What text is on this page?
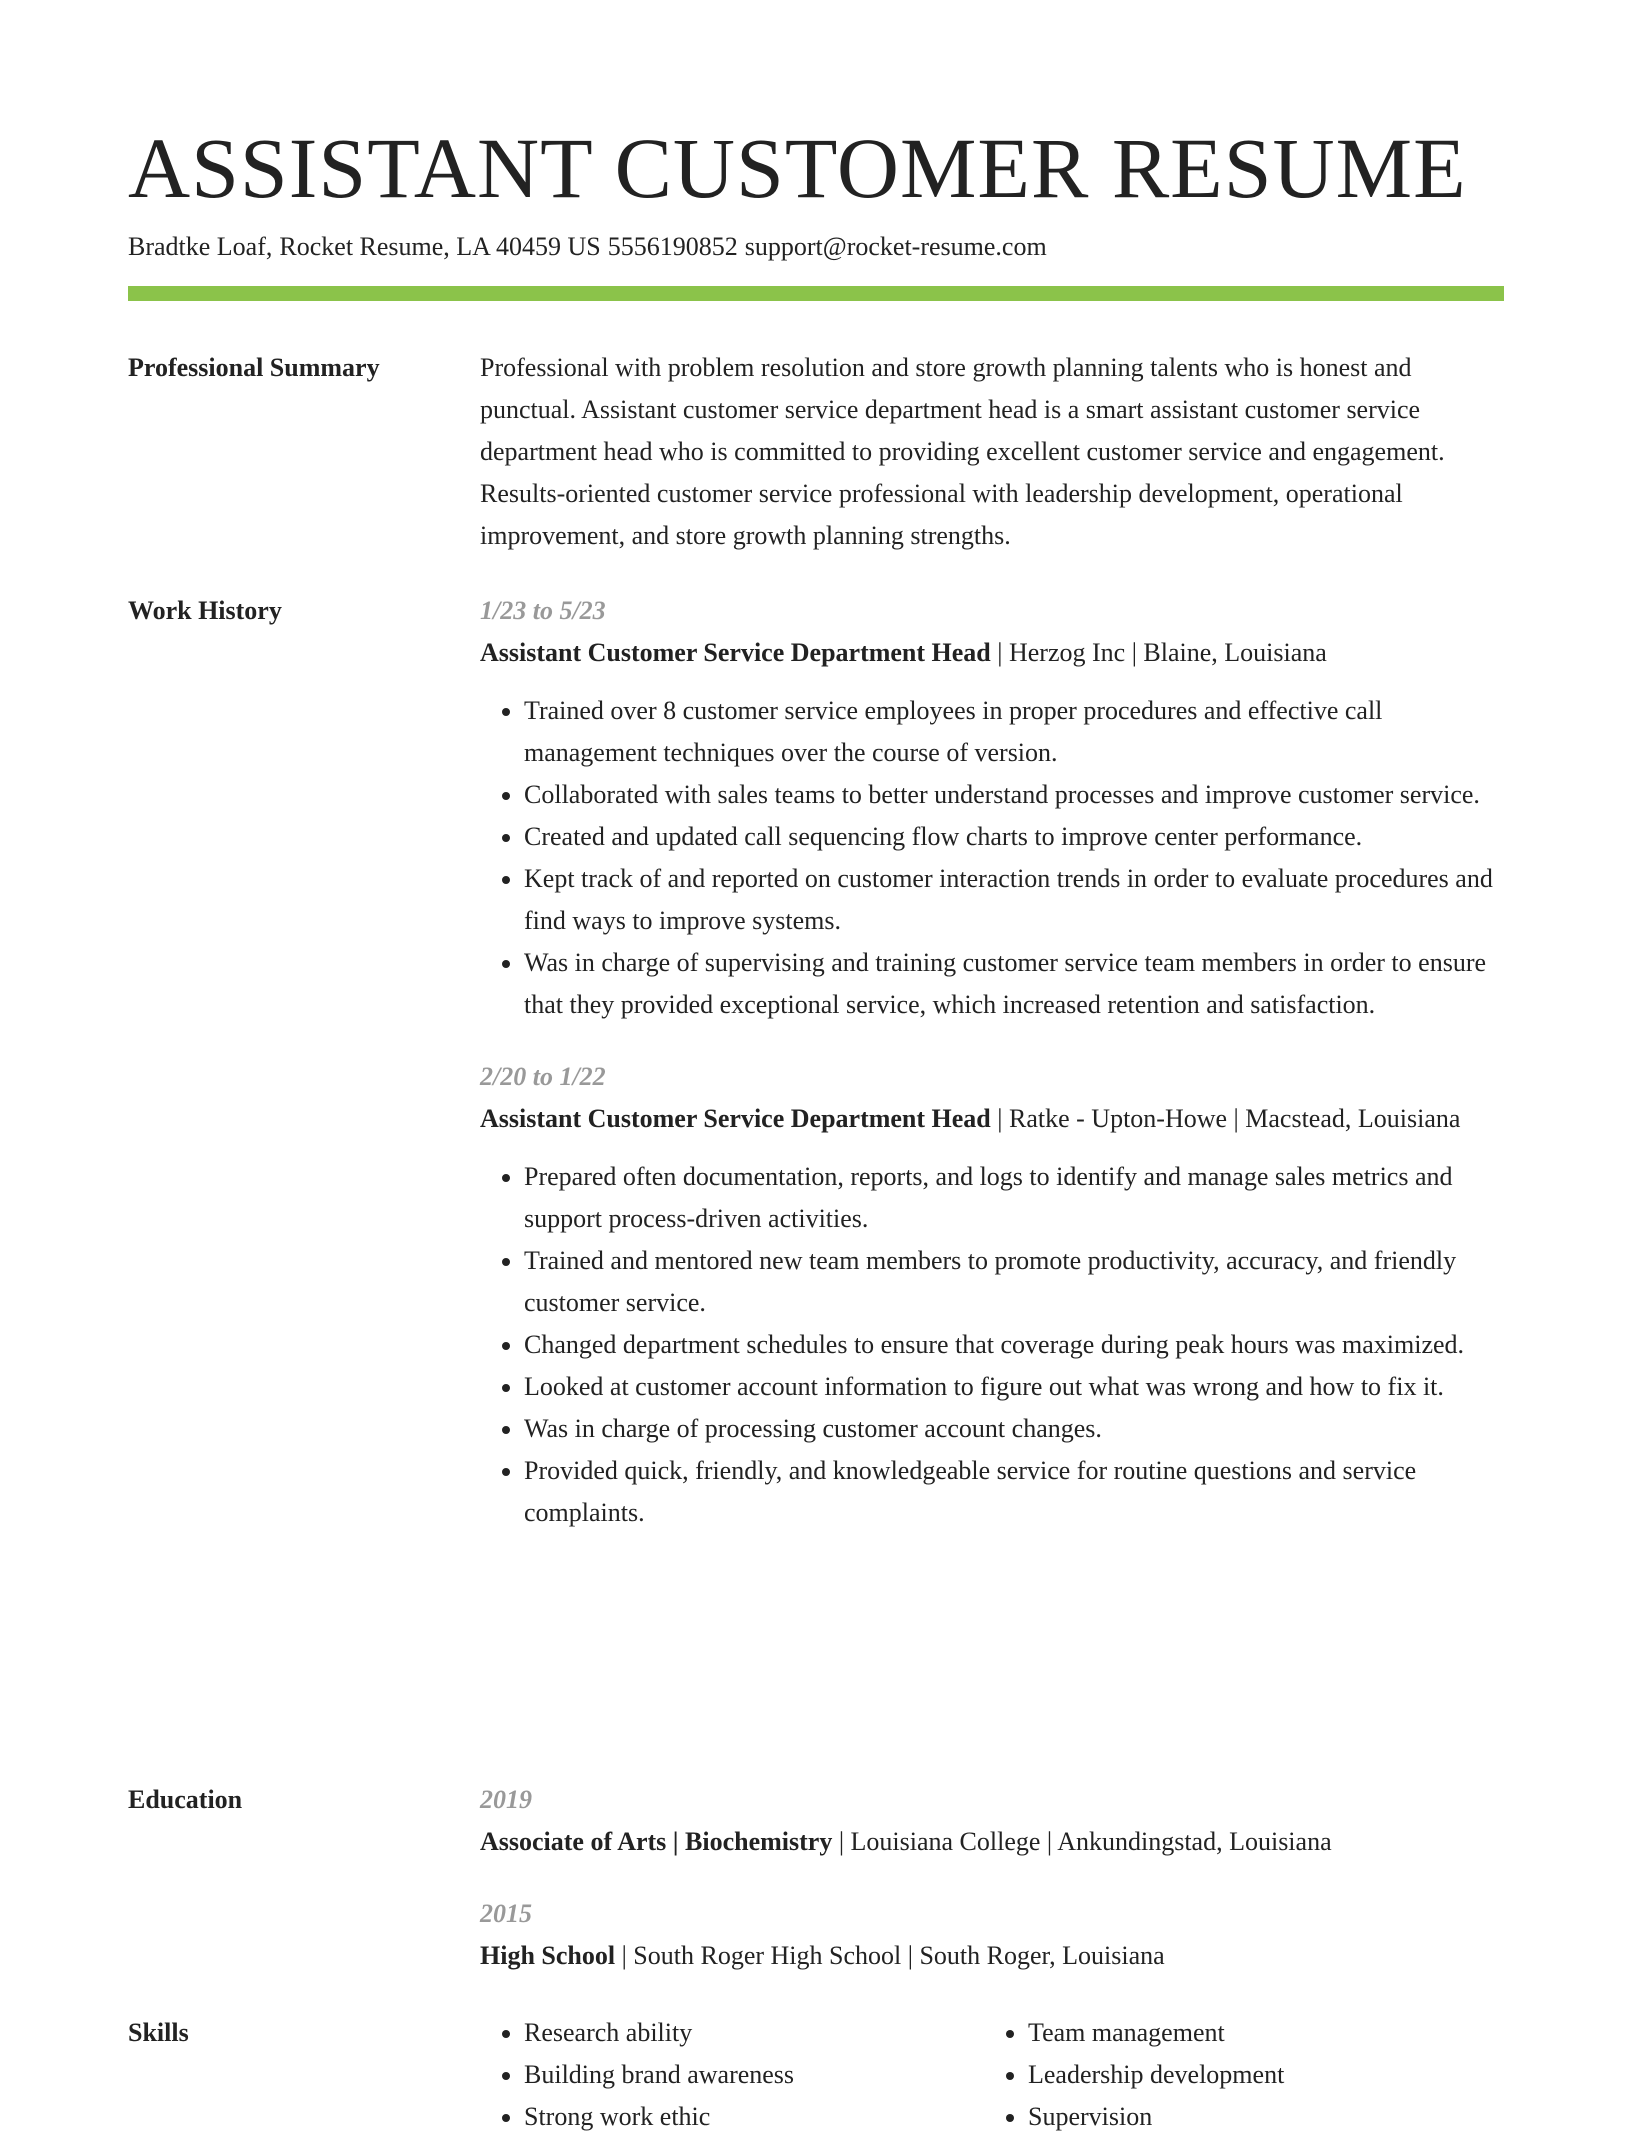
ASSISTANT CUSTOMER RESUME
Bradtke Loaf, Rocket Resume, LA 40459 US 5556190852 support@rocket-resume.com
Professional Summary	Professional with problem resolution and store growth planning talents who is honest and punctual. Assistant customer service department head is a smart assistant customer service department head who is committed to providing excellent customer service and engagement. Results-oriented customer service professional with leadership development, operational improvement, and store growth planning strengths.

Work History	1/23 to 5/23
Assistant Customer Service Department Head | Herzog Inc | Blaine, Louisiana
• Trained over 8 customer service employees in proper procedures and effective call management techniques over the course of version.
• Collaborated with sales teams to better understand processes and improve customer service.
• Created and updated call sequencing flow charts to improve center performance.
• Kept track of and reported on customer interaction trends in order to evaluate procedures and find ways to improve systems.
• Was in charge of supervising and training customer service team members in order to ensure that they provided exceptional service, which increased retention and satisfaction.
2/20 to 1/22
Assistant Customer Service Department Head | Ratke - Upton-Howe | Macstead, Louisiana
• Prepared often documentation, reports, and logs to identify and manage sales metrics and support process-driven activities.
• Trained and mentored new team members to promote productivity, accuracy, and friendly customer service.
• Changed department schedules to ensure that coverage during peak hours was maximized.
• Looked at customer account information to figure out what was wrong and how to fix it.
• Was in charge of processing customer account changes.
• Provided quick, friendly, and knowledgeable service for routine questions and service complaints.
Education	2019
Associate of Arts | Biochemistry | Louisiana College | Ankundingstad, Louisiana
2015
High School | South Roger High School | South Roger, Louisiana
Skills
•	Research ability
• Building brand awareness
• Strong work ethic
• Team management
• Leadership development
• Supervision
